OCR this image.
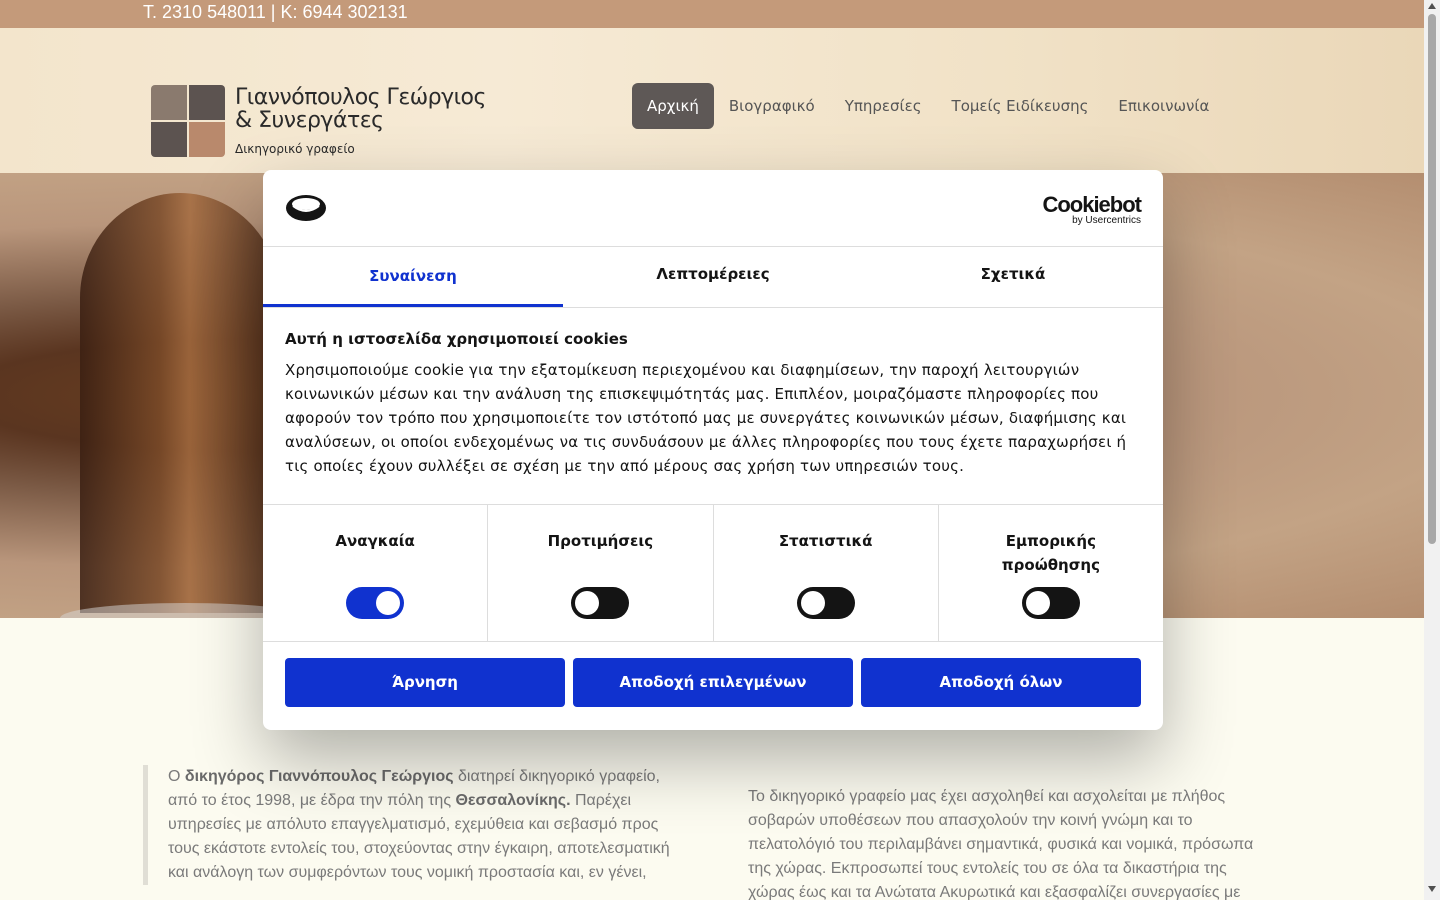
Τ. 2310 548011 | Κ: 6944 302131
Γιαννόπουλος Γεώργιος
& Συνεργάτες
Δικηγορικό γραφείο
Αρχική	Βιογραφικό	Υπηρεσίες	Τομείς Ειδίκευσης	Επικοινωνία

Ο δικηγόρος Γιαννόπουλος Γεώργιος διατηρεί δικηγορικό γραφείο, από το έτος 1998, με έδρα την πόλη της Θεσσαλονίκης. Παρέχει υπηρεσίες με απόλυτο επαγγελματισμό, εχεμύθεια και σεβασμό προς τους εκάστοτε εντολείς του, στοχεύοντας στην έγκαιρη, αποτελεσματική και ανάλογη των συμφερόντων τους νομική προστασία και, εν γένει,

Το δικηγορικό γραφείο μας έχει ασχοληθεί και ασχολείται με πλήθος σοβαρών υποθέσεων που απασχολούν την κοινή γνώμη και το πελατολόγιό του περιλαμβάνει σημαντικά, φυσικά και νομικά, πρόσωπα της χώρας. Εκπροσωπεί τους εντολείς του σε όλα τα δικαστήρια της χώρας έως και τα Ανώτατα Ακυρωτικά και εξασφαλίζει συνεργασίες με

Cookiebot
by Usercentrics
Συναίνεση	Λεπτομέρειες	Σχετικά
Αυτή η ιστοσελίδα χρησιμοποιεί cookies

Χρησιμοποιούμε cookie για την εξατομίκευση περιεχομένου και διαφημίσεων, την παροχή λειτουργιών κοινωνικών μέσων και την ανάλυση της επισκεψιμότητάς μας. Επιπλέον, μοιραζόμαστε πληροφορίες που αφορούν τον τρόπο που χρησιμοποιείτε τον ιστότοπό μας με συνεργάτες κοινωνικών μέσων, διαφήμισης και αναλύσεων, οι οποίοι ενδεχομένως να τις συνδυάσουν με άλλες πληροφορίες που τους έχετε παραχωρήσει ή τις οποίες έχουν συλλέξει σε σχέση με την από μέρους σας χρήση των υπηρεσιών τους.

Αναγκαία	Προτιμήσεις	Στατιστικά	Εμπορικής προώθησης
Άρνηση	Αποδοχή επιλεγμένων	Αποδοχή όλων
